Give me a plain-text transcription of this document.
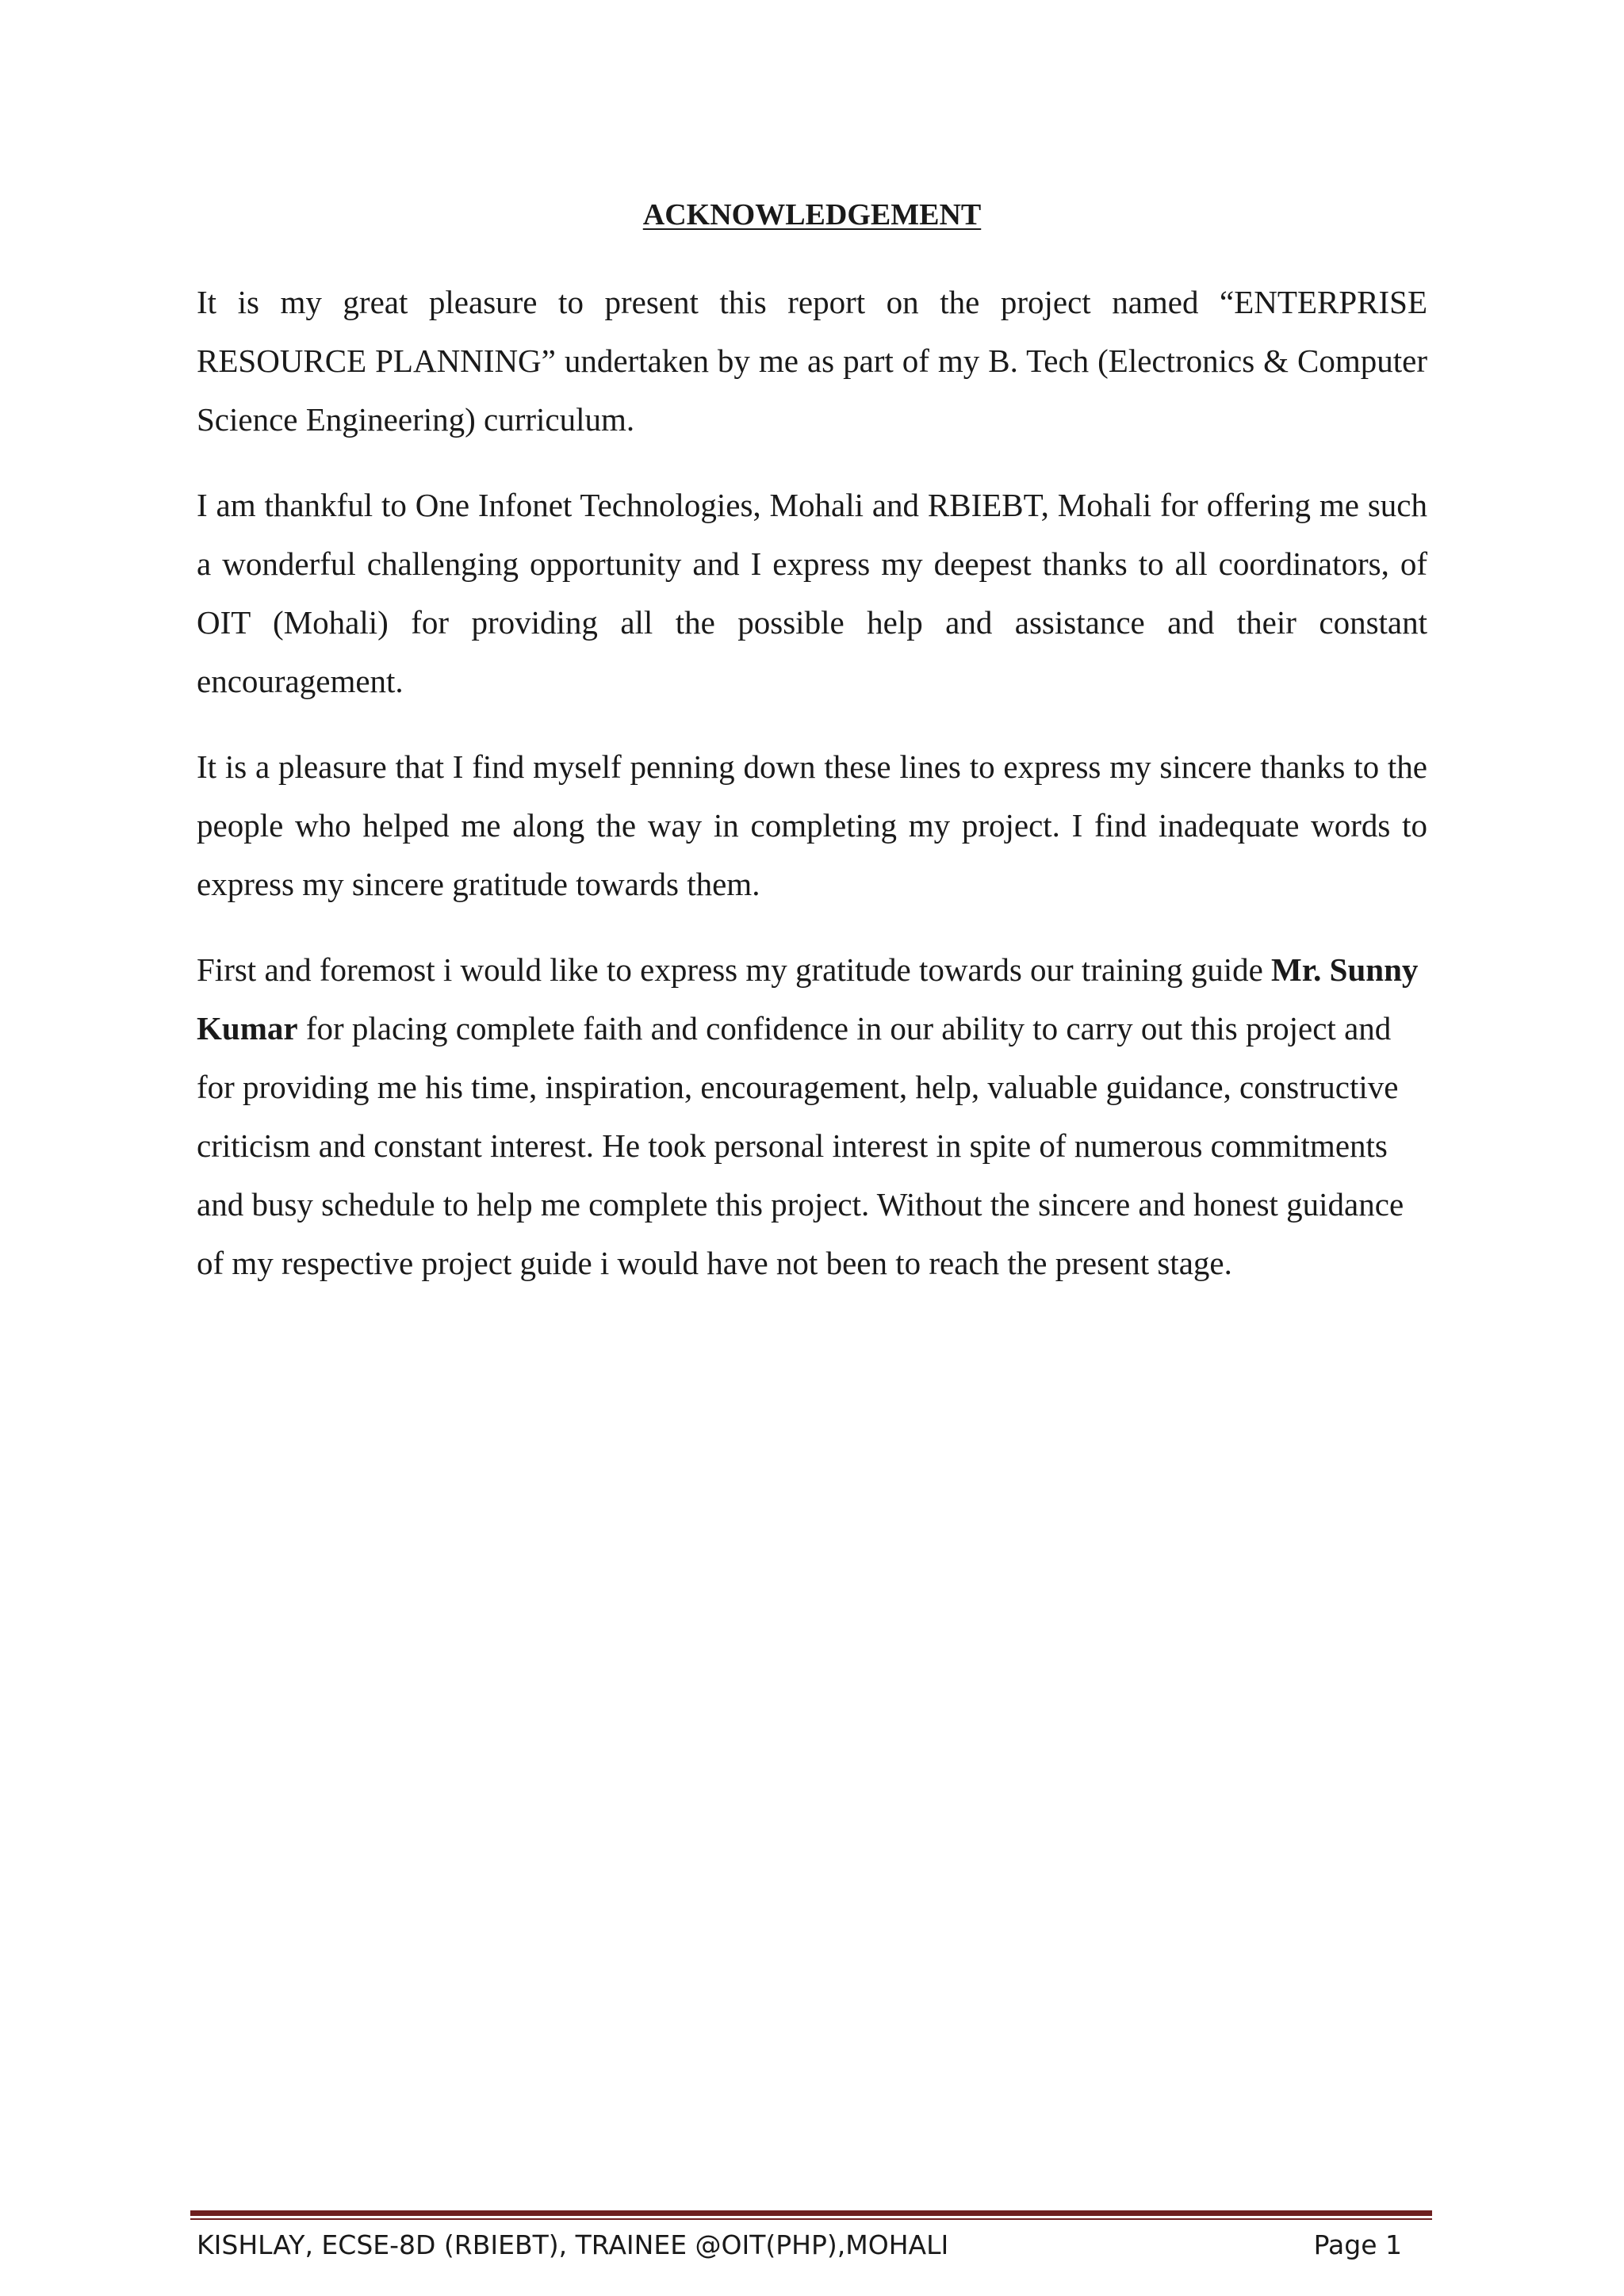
ACKNOWLEDGEMENT

It is my great pleasure to present this report on the project named “ENTERPRISE RESOURCE PLANNING” undertaken by me as part of my B. Tech (Electronics & Computer Science Engineering) curriculum.

I am thankful to One Infonet Technologies, Mohali and RBIEBT, Mohali for offering me such a wonderful challenging opportunity and I express my deepest thanks to all coordinators, of OIT (Mohali) for providing all the possible help and assistance and their constant encouragement.

It is a pleasure that I find myself penning down these lines to express my sincere thanks to the people who helped me along the way in completing my project. I find inadequate words to express my sincere gratitude towards them.

First and foremost i would like to express my gratitude towards our training guide Mr. Sunny Kumar for placing complete faith and confidence in our ability to carry out this project and for providing me his time, inspiration, encouragement, help, valuable guidance, constructive criticism and constant interest. He took personal interest in spite of numerous commitments and busy schedule to help me complete this project. Without the sincere and honest guidance of my respective project guide i would have not been to reach the present stage.

KISHLAY, ECSE-8D (RBIEBT), TRAINEE @OIT(PHP),MOHALI	Page 1
